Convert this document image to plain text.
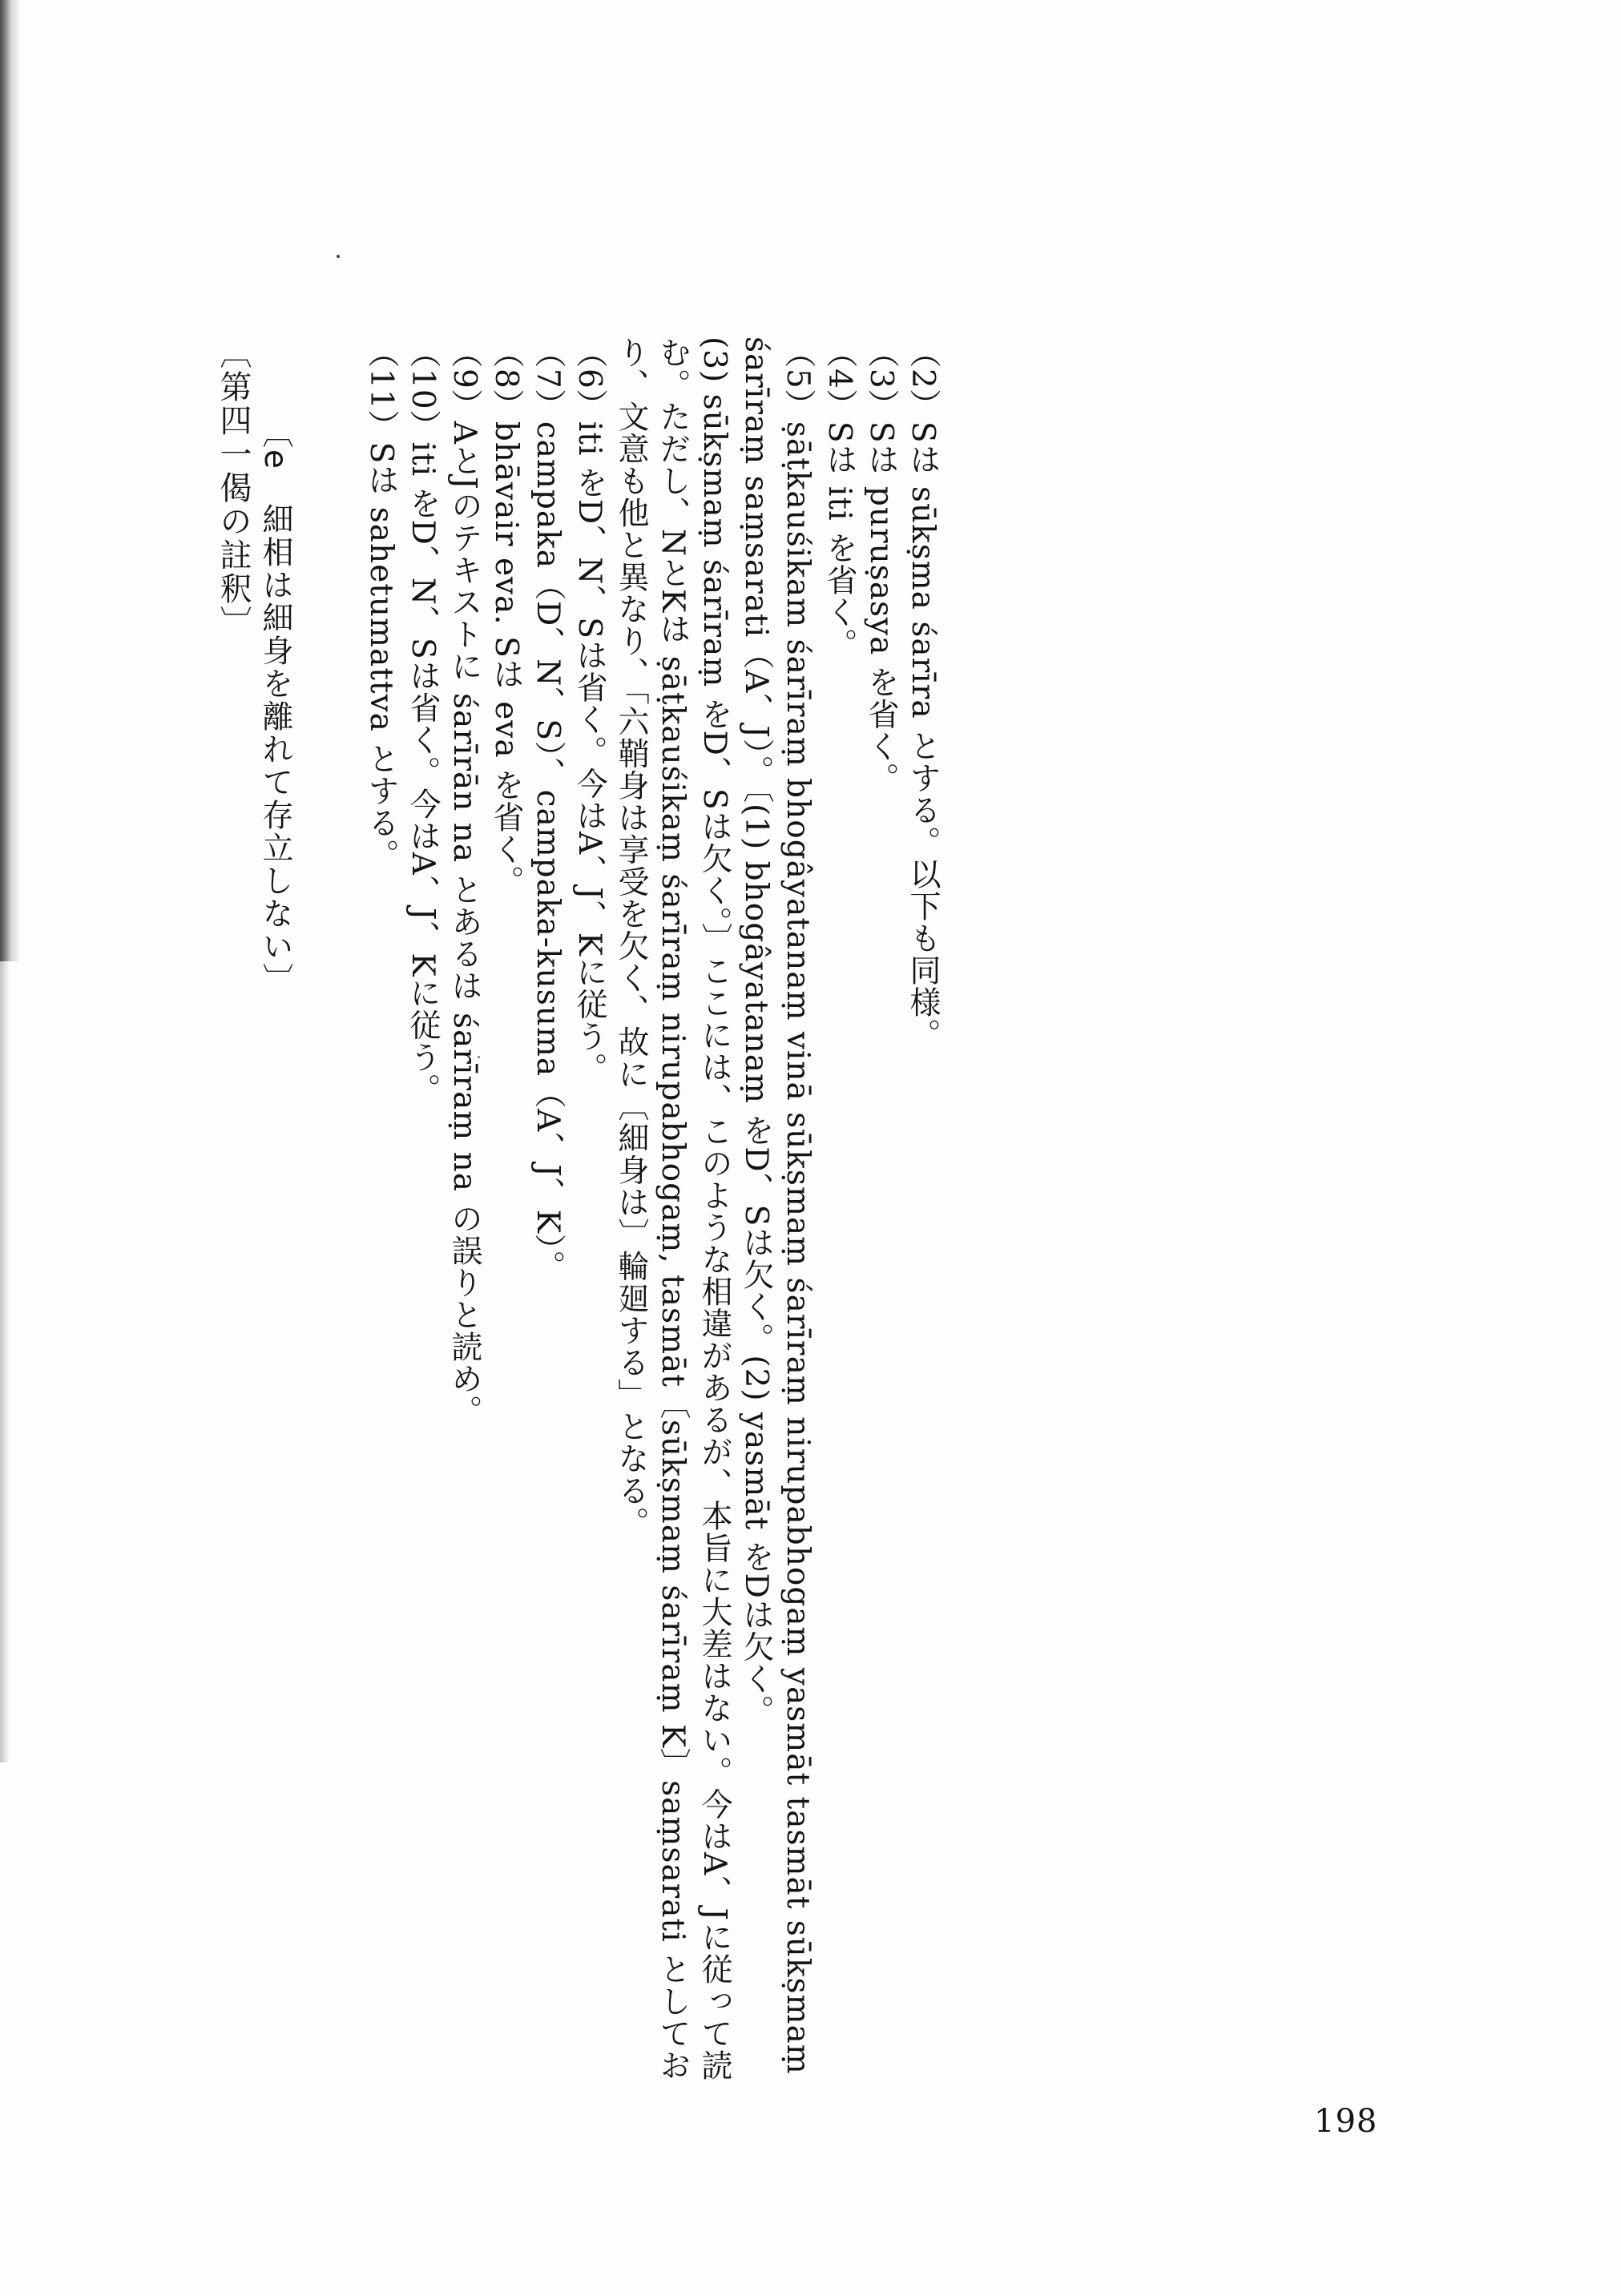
（2）Sは sūkṣma śarīra とする。以下も同様。
（3）Sは puruṣasya を省く。
（4）Sは iti を省く。
（5）ṣāṭkauśikam śarīraṃ bhogâyatanaṃ vinā sūkṣmaṃ śarīraṃ nirupabhogaṃ yasmāt tasmāt sūkṣmaṃ śarīraṃ saṃsarati（A、J）。〔(1) bhogâyatanaṃ をD、Sは欠く。(2) yasmāt をDは欠く。
(3) sūkṣmaṃ śarīraṃ をD、Sは欠く。〕ここには、このような相違があるが、本旨に大差はない。今はA、Jに従って読む。ただし、NとKは ṣāṭkauśikaṃ śarīraṃ nirupabhogaṃ, tasmāt〔sūkṣmaṃ śarīraṃ K〕saṃsarati としており、文意も他と異なり、「六鞘身は享受を欠く、故に〔細身は〕輪廻する」となる。
（6）iti をD、N、Sは省く。今はA、J、Kに従う。
（7）campaka（D、N、S）、campaka-kusuma（A、J、K）。
（8）bhāvair eva. Sは eva を省く。
（9）AとJのテキストに śarīrān na とあるは śarīraṃ na の誤りと読め。
（10）iti をD、N、Sは省く。今はA、J、Kに従う。
（11）Sは sahetumattva とする。
〔e　細相は細身を離れて存立しない〕
〔第四一偈の註釈〕
198
